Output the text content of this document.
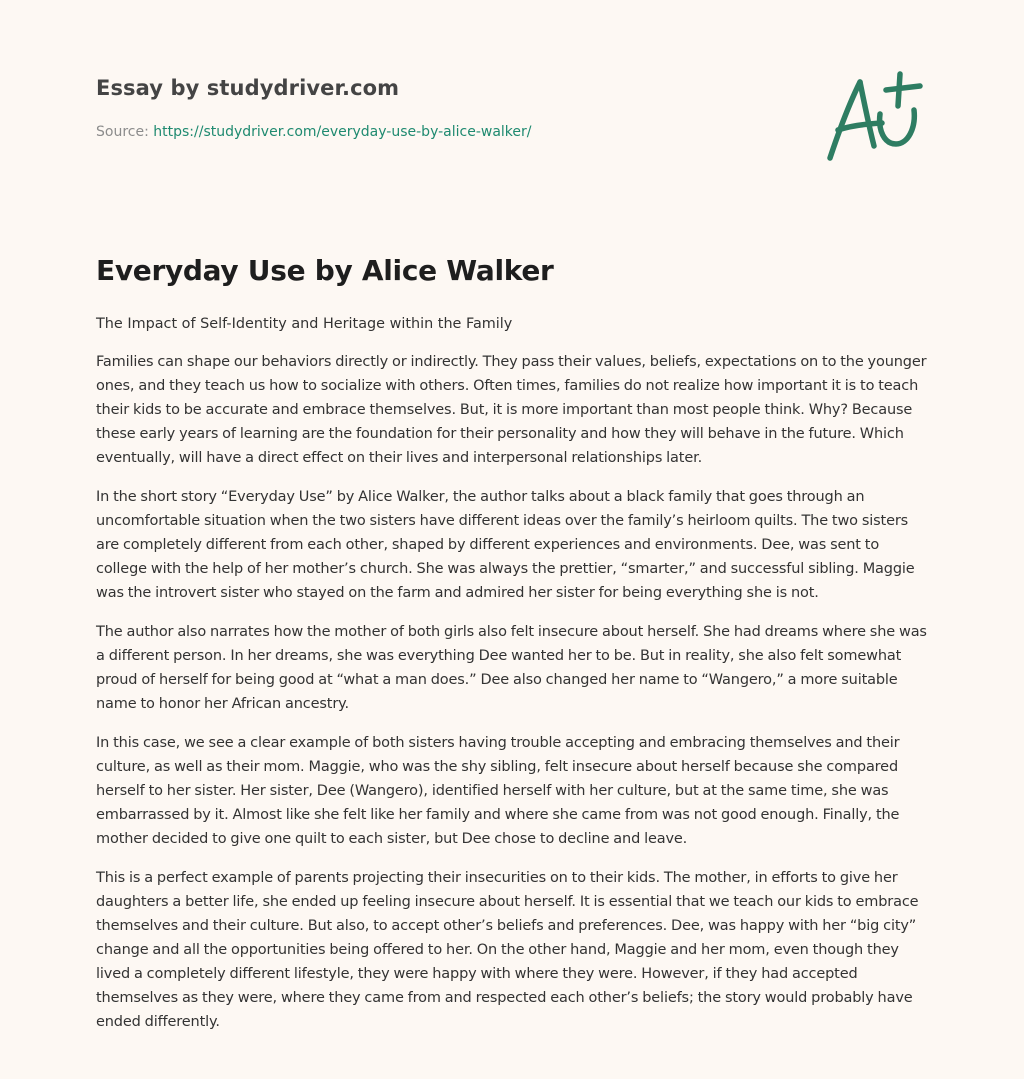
Essay by studydriver.com
Source: https://studydriver.com/everyday-use-by-alice-walker/
Everyday Use by Alice Walker
The Impact of Self-Identity and Heritage within the Family

Families can shape our behaviors directly or indirectly. They pass their values, beliefs, expectations on to the younger ones, and they teach us how to socialize with others. Often times, families do not realize how important it is to teach their kids to be accurate and embrace themselves. But, it is more important than most people think. Why? Because these early years of learning are the foundation for their personality and how they will behave in the future. Which eventually, will have a direct effect on their lives and interpersonal relationships later.

In the short story “Everyday Use” by Alice Walker, the author talks about a black family that goes through an uncomfortable situation when the two sisters have different ideas over the family’s heirloom quilts. The two sisters are completely different from each other, shaped by different experiences and environments. Dee, was sent to college with the help of her mother’s church. She was always the prettier, “smarter,” and successful sibling. Maggie was the introvert sister who stayed on the farm and admired her sister for being everything she is not.

The author also narrates how the mother of both girls also felt insecure about herself. She had dreams where she was a different person. In her dreams, she was everything Dee wanted her to be. But in reality, she also felt somewhat proud of herself for being good at “what a man does.” Dee also changed her name to “Wangero,” a more suitable name to honor her African ancestry.

In this case, we see a clear example of both sisters having trouble accepting and embracing themselves and their culture, as well as their mom. Maggie, who was the shy sibling, felt insecure about herself because she compared herself to her sister. Her sister, Dee (Wangero), identified herself with her culture, but at the same time, she was embarrassed by it. Almost like she felt like her family and where she came from was not good enough. Finally, the mother decided to give one quilt to each sister, but Dee chose to decline and leave.

This is a perfect example of parents projecting their insecurities on to their kids. The mother, in efforts to give her daughters a better life, she ended up feeling insecure about herself. It is essential that we teach our kids to embrace themselves and their culture. But also, to accept other’s beliefs and preferences. Dee, was happy with her “big city” change and all the opportunities being offered to her. On the other hand, Maggie and her mom, even though they lived a completely different lifestyle, they were happy with where they were. However, if they had accepted themselves as they were, where they came from and respected each other’s beliefs; the story would probably have ended differently.
